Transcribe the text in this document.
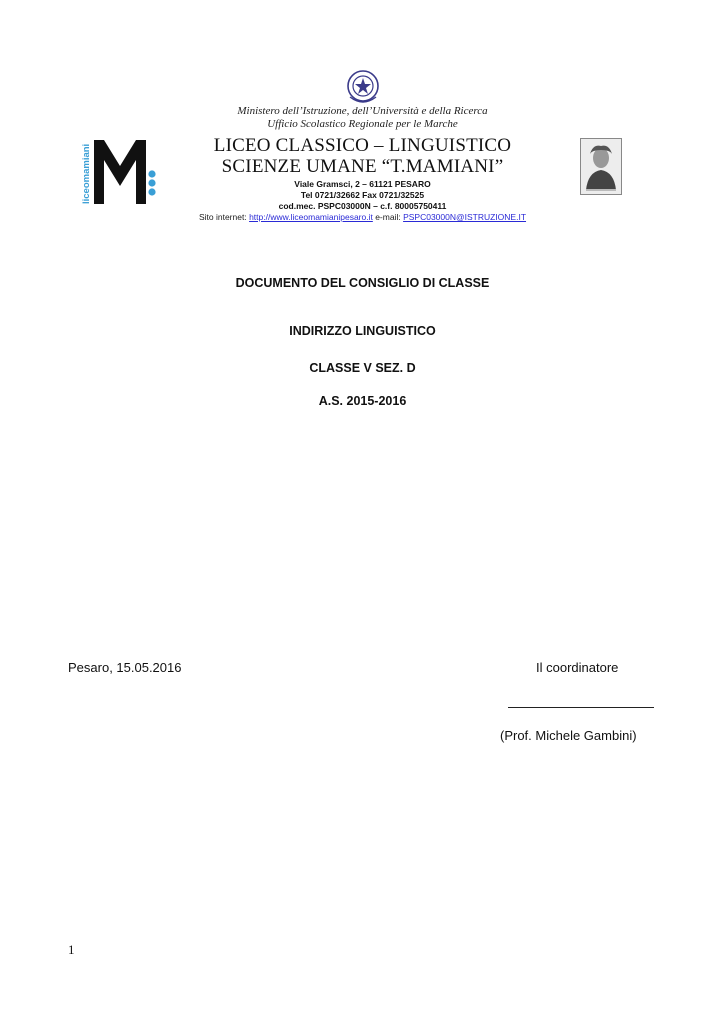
Ministero dell’Istruzione, dell’Università e della Ricerca
Ufficio Scolastico Regionale per le Marche
liceomamiani	LICEO CLASSICO – LINGUISTICO
SCIENZE UMANE “T.MAMIANI”
Viale Gramsci, 2 – 61121 PESARO
Tel 0721/32662 Fax 0721/32525
cod.mec. PSPC03000N – c.f. 80005750411
Sito internet: http://www.liceomamianipesaro.it e-mail: PSPC03000N@ISTRUZIONE.IT
DOCUMENTO DEL CONSIGLIO DI CLASSE
INDIRIZZO LINGUISTICO
CLASSE V SEZ. D
A.S. 2015-2016
Pesaro, 15.05.2016	Il coordinatore
(Prof. Michele Gambini)
1
